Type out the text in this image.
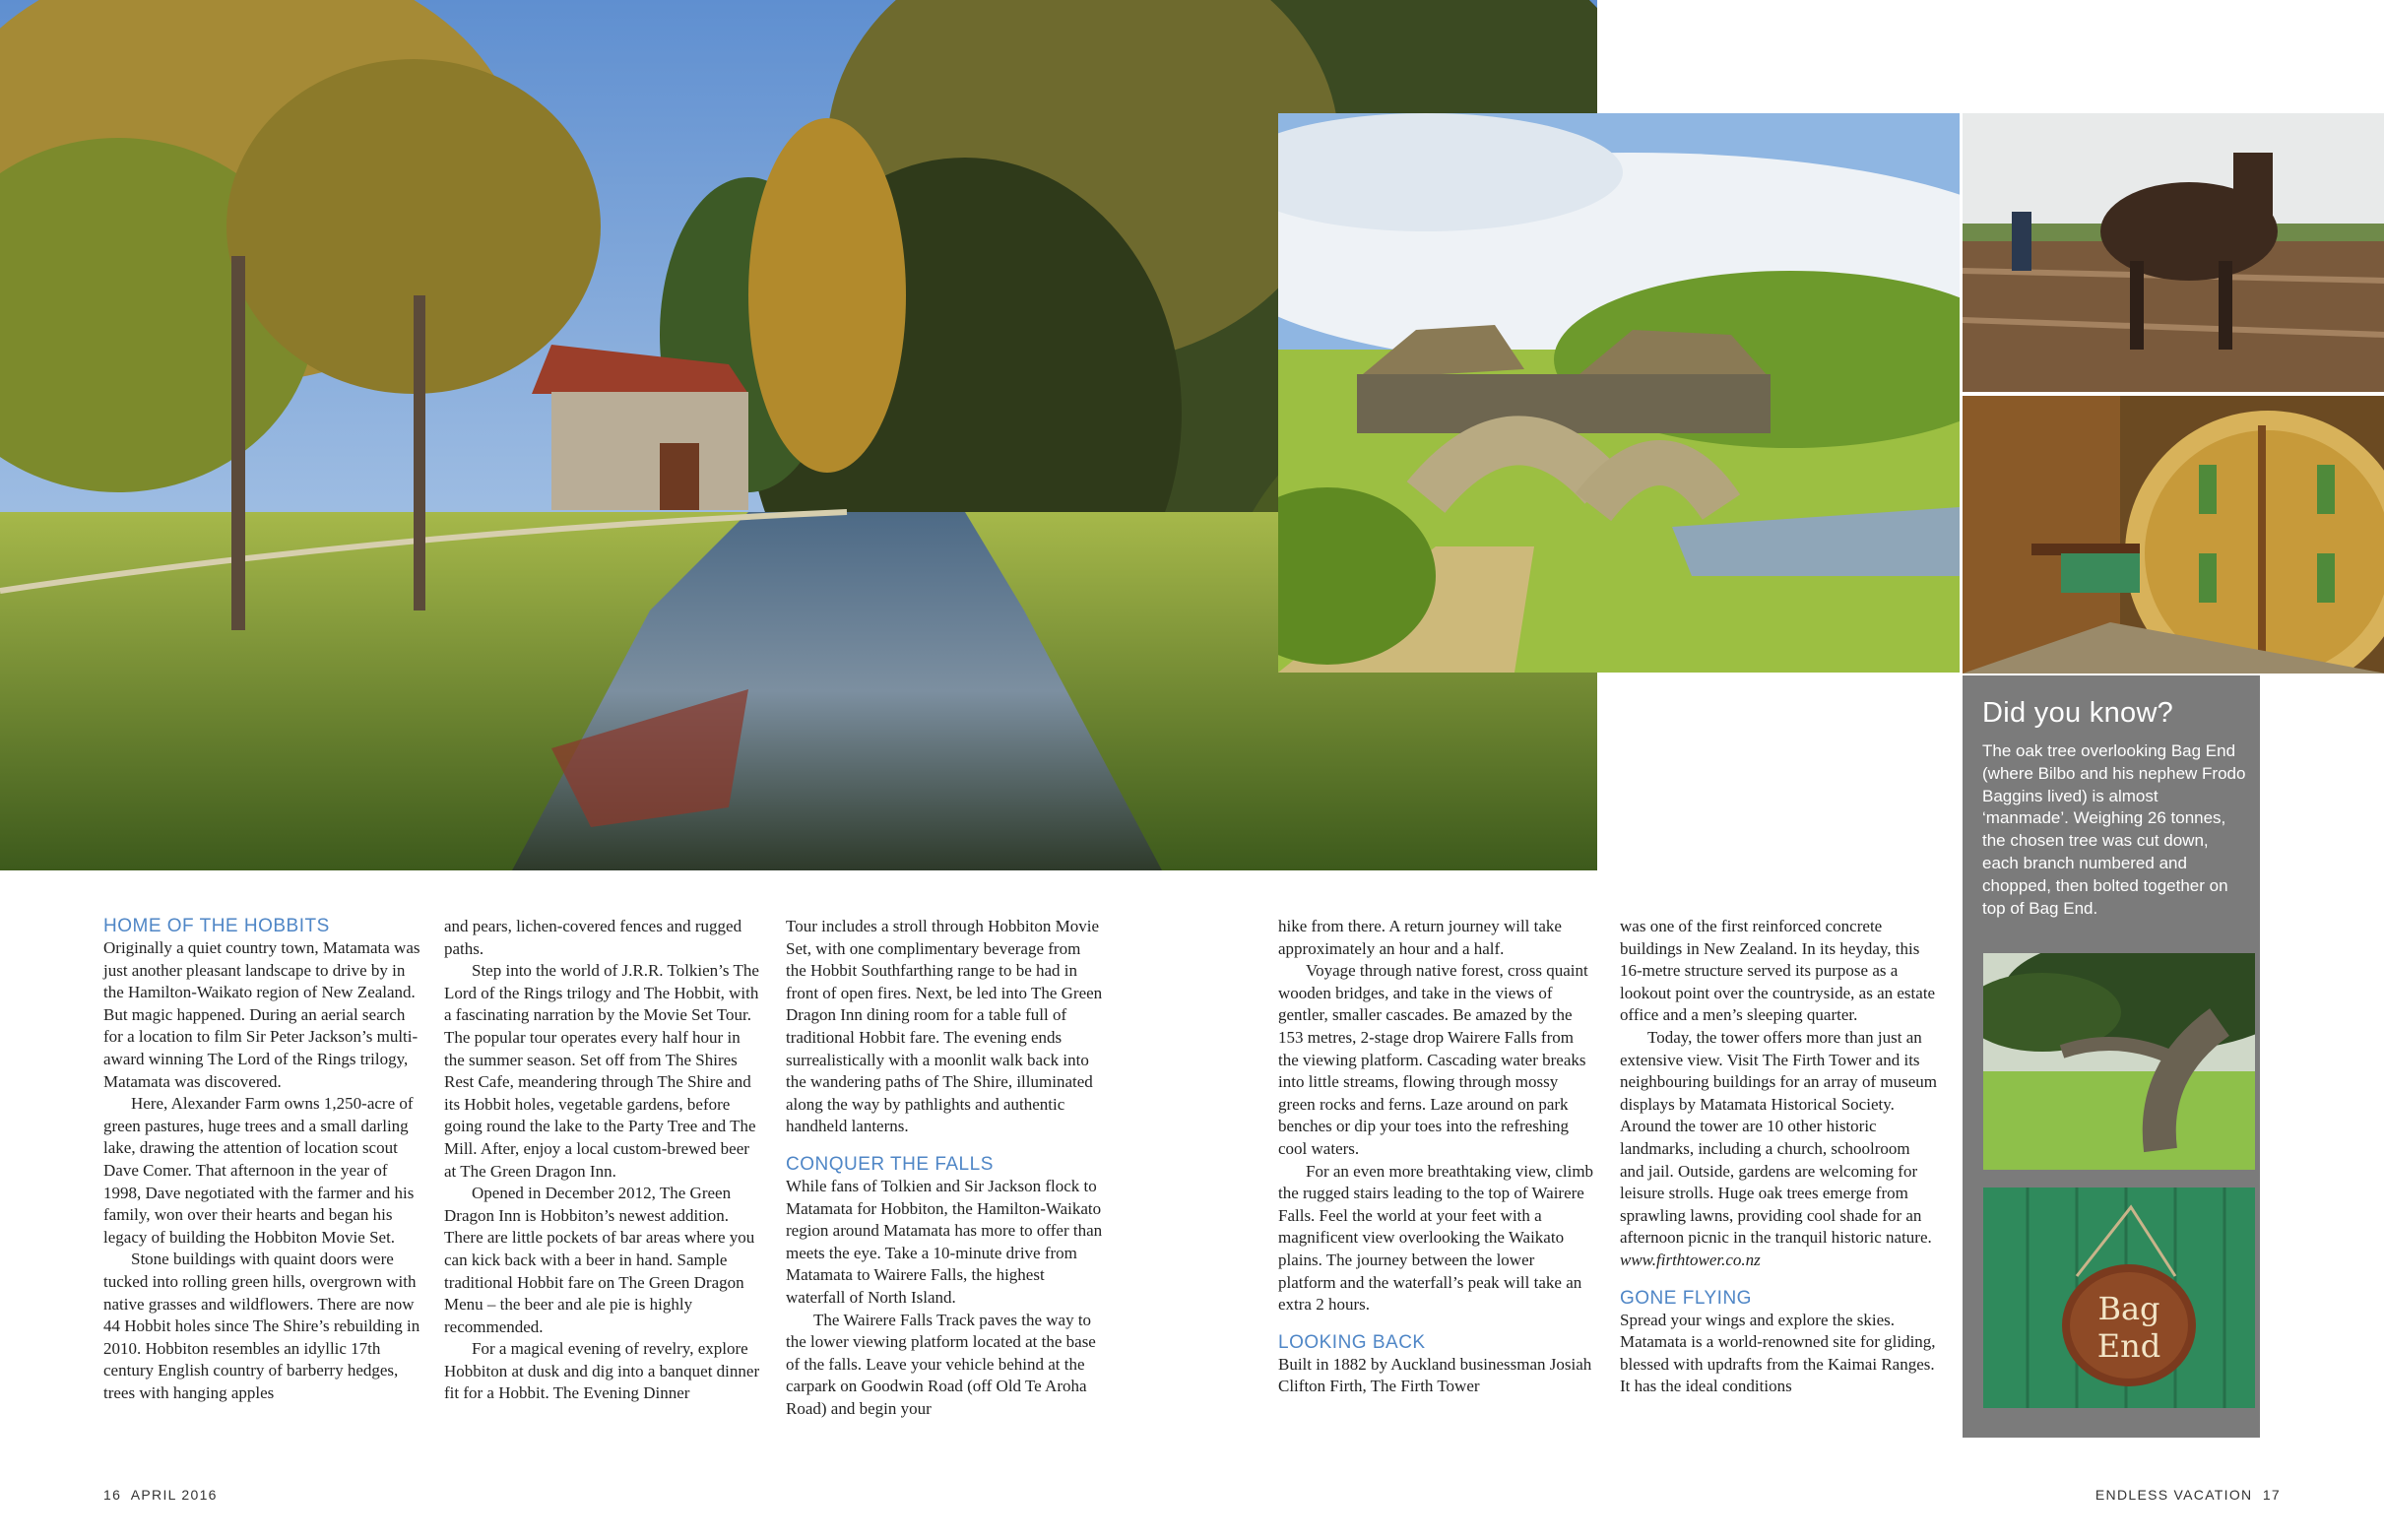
Did you know?

The oak tree overlooking Bag End (where Bilbo and his nephew Frodo Baggins lived) is almost ‘manmade’. Weighing 26 tonnes, the chosen tree was cut down, each branch numbered and chopped, then bolted together on top of Bag End.

Bag
End
HOME OF THE HOBBITS

Originally a quiet country town, Matamata was just another pleasant landscape to drive by in the Hamilton-Waikato region of New Zealand. But magic happened. During an aerial search for a location to film Sir Peter Jackson’s multi-award winning The Lord of the Rings trilogy, Matamata was discovered.

Here, Alexander Farm owns 1,250-acre of green pastures, huge trees and a small darling lake, drawing the attention of location scout Dave Comer. That afternoon in the year of 1998, Dave negotiated with the farmer and his family, won over their hearts and began his legacy of building the Hobbiton Movie Set.

Stone buildings with quaint doors were tucked into rolling green hills, overgrown with native grasses and wildflowers. There are now 44 Hobbit holes since The Shire’s rebuilding in 2010. Hobbiton resembles an idyllic 17th century English country of barberry hedges, trees with hanging apples

and pears, lichen-covered fences and rugged paths.

Step into the world of J.R.R. Tolkien’s The Lord of the Rings trilogy and The Hobbit, with a fascinating narration by the Movie Set Tour. The popular tour operates every half hour in the summer season. Set off from The Shires Rest Cafe, meandering through The Shire and its Hobbit holes, vegetable gardens, before going round the lake to the Party Tree and The Mill. After, enjoy a local custom-brewed beer at The Green Dragon Inn.

Opened in December 2012, The Green Dragon Inn is Hobbiton’s newest addition. There are little pockets of bar areas where you can kick back with a beer in hand. Sample traditional Hobbit fare on The Green Dragon Menu – the beer and ale pie is highly recommended.

For a magical evening of revelry, explore Hobbiton at dusk and dig into a banquet dinner fit for a Hobbit. The Evening Dinner

Tour includes a stroll through Hobbiton Movie Set, with one complimentary beverage from the Hobbit Southfarthing range to be had in front of open fires. Next, be led into The Green Dragon Inn dining room for a table full of traditional Hobbit fare. The evening ends surrealistically with a moonlit walk back into the wandering paths of The Shire, illuminated along the way by pathlights and authentic handheld lanterns.

CONQUER THE FALLS

While fans of Tolkien and Sir Jackson flock to Matamata for Hobbiton, the Hamilton-Waikato region around Matamata has more to offer than meets the eye. Take a 10-minute drive from Matamata to Wairere Falls, the highest waterfall of North Island.

The Wairere Falls Track paves the way to the lower viewing platform located at the base of the falls. Leave your vehicle behind at the carpark on Goodwin Road (off Old Te Aroha Road) and begin your

hike from there. A return journey will take approximately an hour and a half.

Voyage through native forest, cross quaint wooden bridges, and take in the views of gentler, smaller cascades. Be amazed by the 153 metres, 2-stage drop Wairere Falls from the viewing platform. Cascading water breaks into little streams, flowing through mossy green rocks and ferns. Laze around on park benches or dip your toes into the refreshing cool waters.

For an even more breathtaking view, climb the rugged stairs leading to the top of Wairere Falls. Feel the world at your feet with a magnificent view overlooking the Waikato plains. The journey between the lower platform and the waterfall’s peak will take an extra 2 hours.

LOOKING BACK

Built in 1882 by Auckland businessman Josiah Clifton Firth, The Firth Tower

was one of the first reinforced concrete buildings in New Zealand. In its heyday, this 16-metre structure served its purpose as a lookout point over the countryside, as an estate office and a men’s sleeping quarter.

Today, the tower offers more than just an extensive view. Visit The Firth Tower and its neighbouring buildings for an array of museum displays by Matamata Historical Society. Around the tower are 10 other historic landmarks, including a church, schoolroom and jail. Outside, gardens are welcoming for leisure strolls. Huge oak trees emerge from sprawling lawns, providing cool shade for an afternoon picnic in the tranquil historic nature. www.firthtower.co.nz

GONE FLYING

Spread your wings and explore the skies. Matamata is a world-renowned site for gliding, blessed with updrafts from the Kaimai Ranges. It has the ideal conditions

16  APRIL 2016	ENDLESS VACATION  17
